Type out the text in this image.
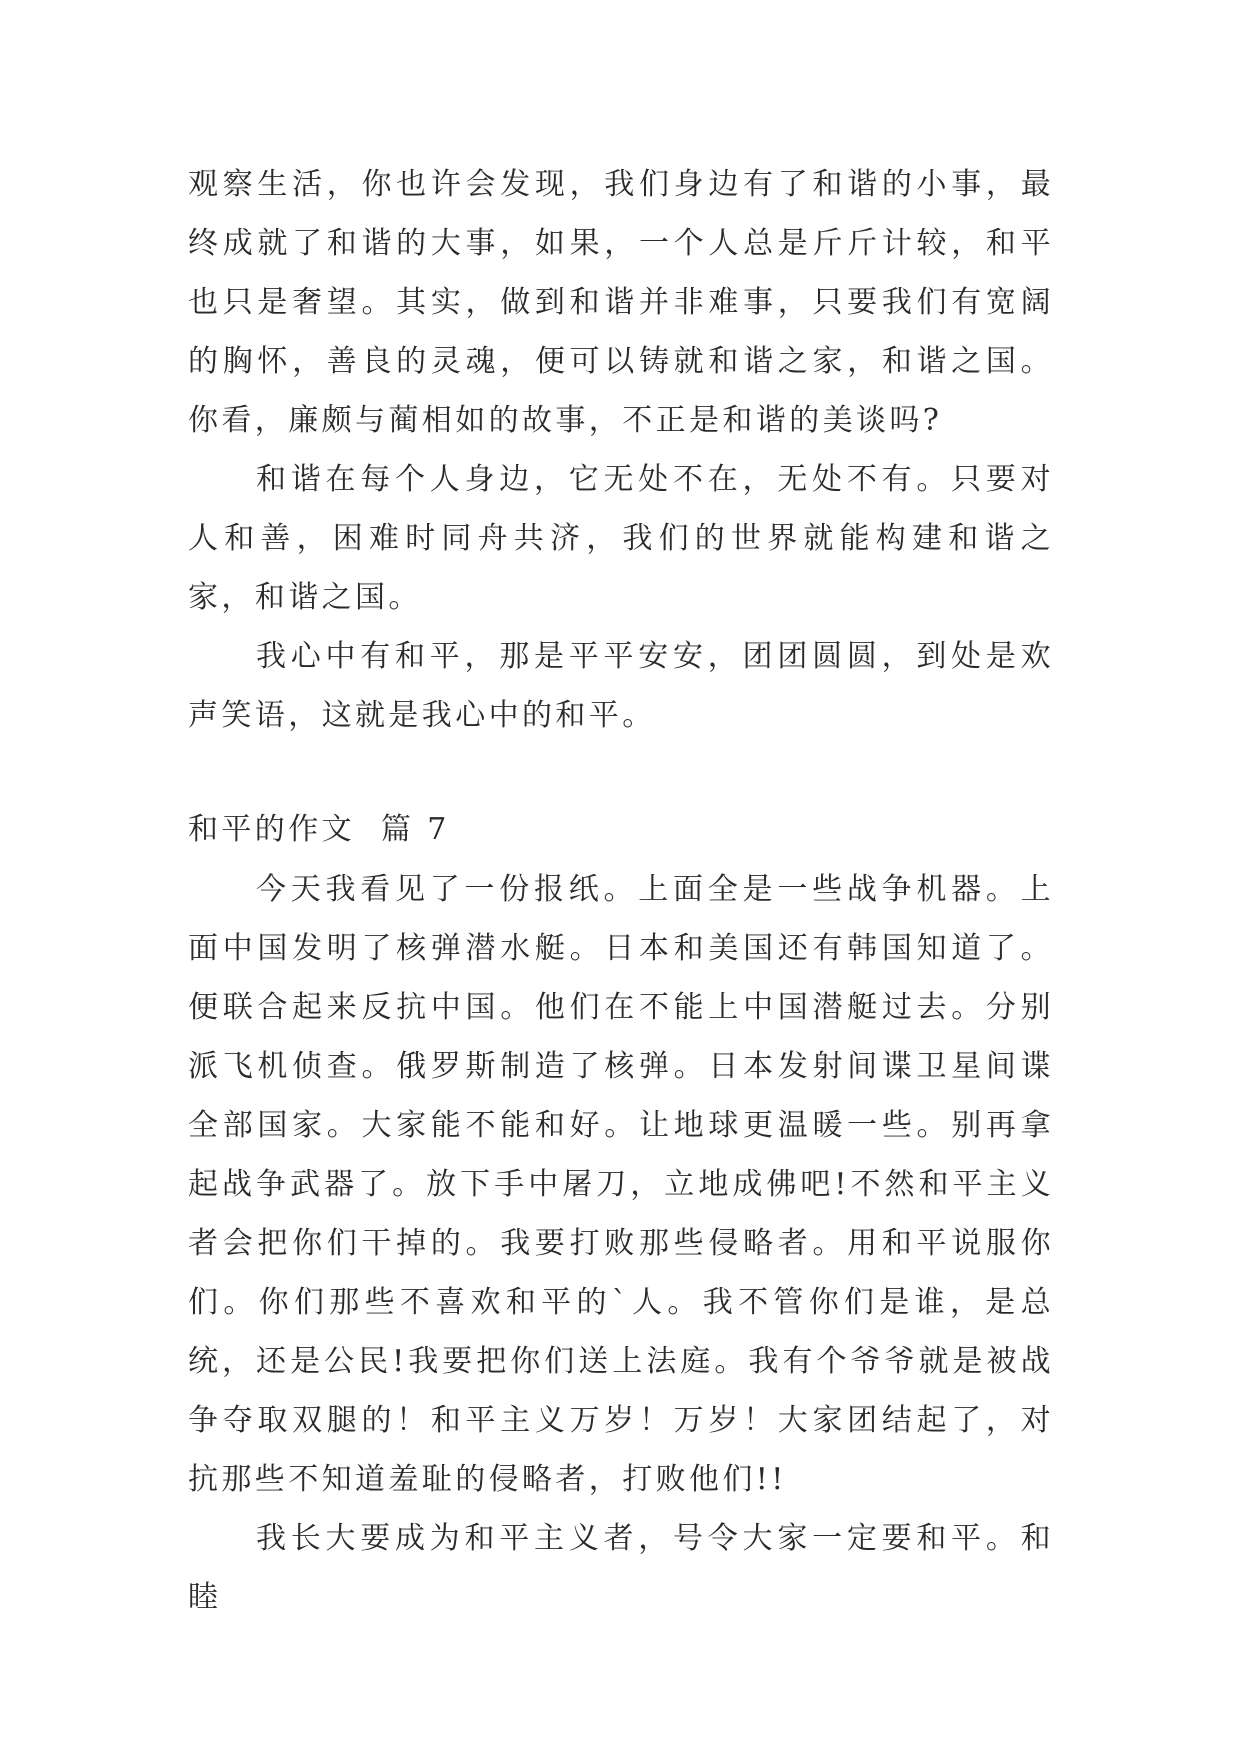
观察生活，你也许会发现，我们身边有了和谐的小事，最终成就了和谐的大事，如果，一个人总是斤斤计较，和平也只是奢望。其实，做到和谐并非难事，只要我们有宽阔的胸怀，善良的灵魂，便可以铸就和谐之家，和谐之国。你看，廉颇与蔺相如的故事，不正是和谐的美谈吗?

和谐在每个人身边，它无处不在，无处不有。只要对人和善，困难时同舟共济，我们的世界就能构建和谐之家，和谐之国。

我心中有和平，那是平平安安，团团圆圆，到处是欢声笑语，这就是我心中的和平。

和平的作文  篇 7

今天我看见了一份报纸。上面全是一些战争机器。上面中国发明了核弹潜水艇。日本和美国还有韩国知道了。便联合起来反抗中国。他们在不能上中国潜艇过去。分别派飞机侦查。俄罗斯制造了核弹。日本发射间谍卫星间谍全部国家。大家能不能和好。让地球更温暖一些。别再拿起战争武器了。放下手中屠刀，立地成佛吧!不然和平主义者会把你们干掉的。我要打败那些侵略者。用和平说服你们。你们那些不喜欢和平的`人。我不管你们是谁，是总统，还是公民!我要把你们送上法庭。我有个爷爷就是被战争夺取双腿的！和平主义万岁！万岁！大家团结起了，对抗那些不知道羞耻的侵略者，打败他们!!

我长大要成为和平主义者，号令大家一定要和平。和睦
